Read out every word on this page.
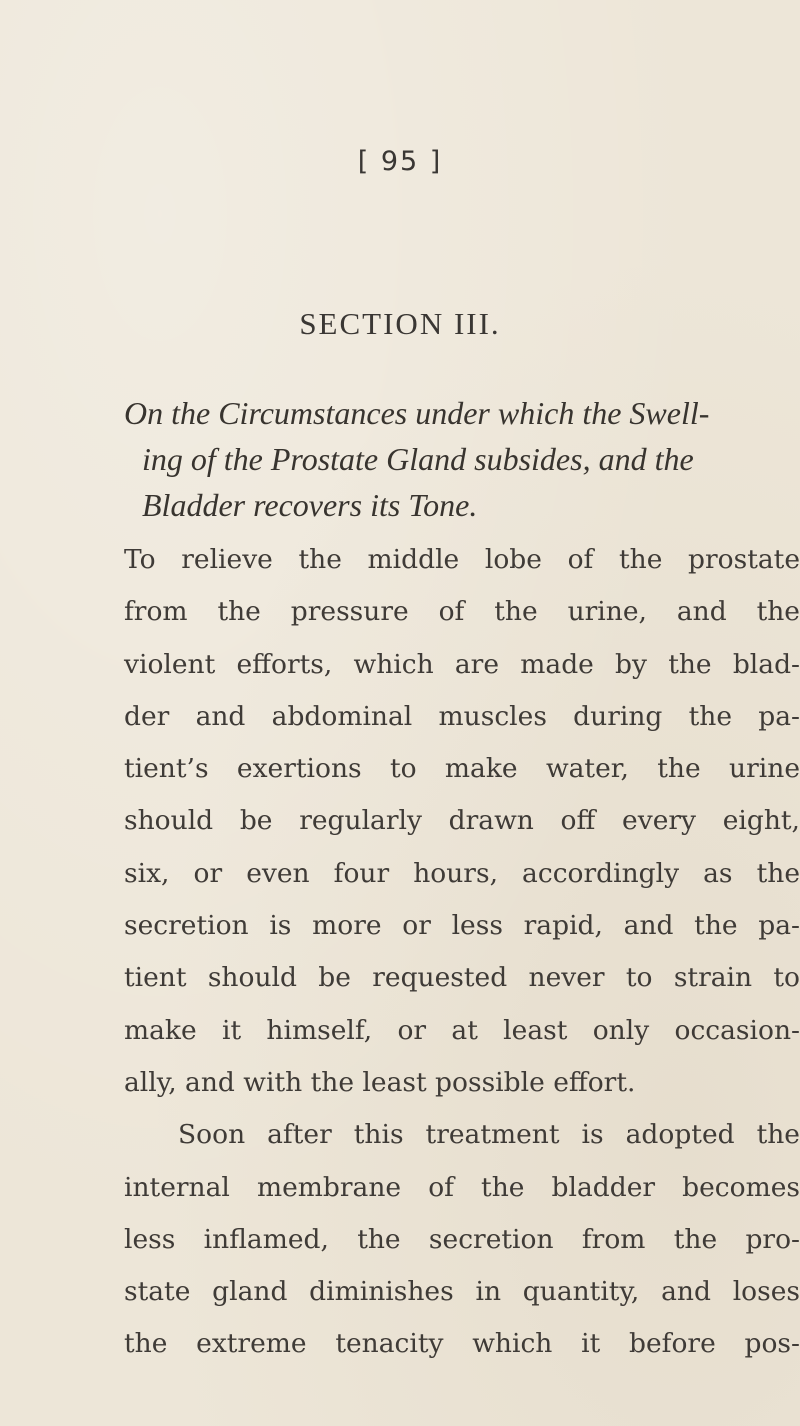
[ 95 ]
SECTION III.
On the Circumstances under which the Swell-
ing of the Prostate Gland subsides, and the
Bladder recovers its Tone.
To relieve the middle lobe of the prostate
from the pressure of the urine, and the
violent efforts, which are made by the blad-
der and abdominal muscles during the pa-
tient’s exertions to make water, the urine
should be regularly drawn off every eight,
six, or even four hours, accordingly as the
secretion is more or less rapid, and the pa-
tient should be requested never to strain to
make it himself, or at least only occasion-
ally, and with the least possible effort.
Soon after this treatment is adopted the
internal membrane of the bladder becomes
less inflamed, the secretion from the pro-
state gland diminishes in quantity, and loses
the extreme tenacity which it before pos-
